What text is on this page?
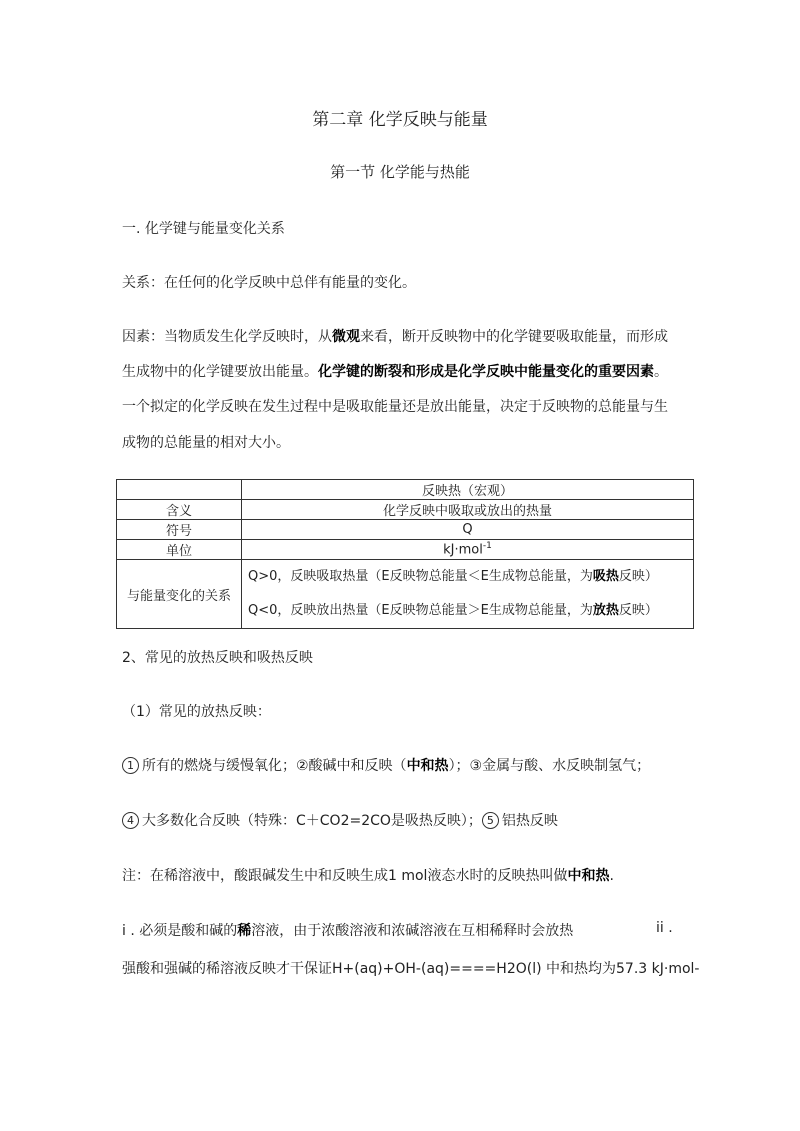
第二章 化学反映与能量
第一节 化学能与热能
一. 化学键与能量变化关系
关系：在任何的化学反映中总伴有能量的变化。
因素：当物质发生化学反映时，从微观来看，断开反映物中的化学键要吸取能量，而形成
生成物中的化学键要放出能量。化学键的断裂和形成是化学反映中能量变化的重要因素。
一个拟定的化学反映在发生过程中是吸取能量还是放出能量，决定于反映物的总能量与生
成物的总能量的相对大小。
	反映热（宏观）
含义	化学反映中吸取或放出的热量
符号	Q
单位	kJ·mol$^{-1}$
与能量变化的关系	Q>0，反映吸取热量（E反映物总能量＜E生成物总能量，为吸热反映）
Q<0，反映放出热量（E反映物总能量＞E生成物总能量，为放热反映）
2、常见的放热反映和吸热反映
（1）常见的放热反映：
1 所有的燃烧与缓慢氧化；②酸碱中和反映（中和热）；③金属与酸、水反映制氢气；
4 大多数化合反映（特殊：C＋CO2=2CO是吸热反映）； 5 铝热反映
注：在稀溶液中，酸跟碱发生中和反映生成1 mol液态水时的反映热叫做中和热.
i . 必须是酸和碱的稀溶液，由于浓酸溶液和浓碱溶液在互相稀释时会放热	ii .
强酸和强碱的稀溶液反映才干保证H+(aq)+OH-(aq)====H2O(l) 中和热均为57.3 kJ·mol-
